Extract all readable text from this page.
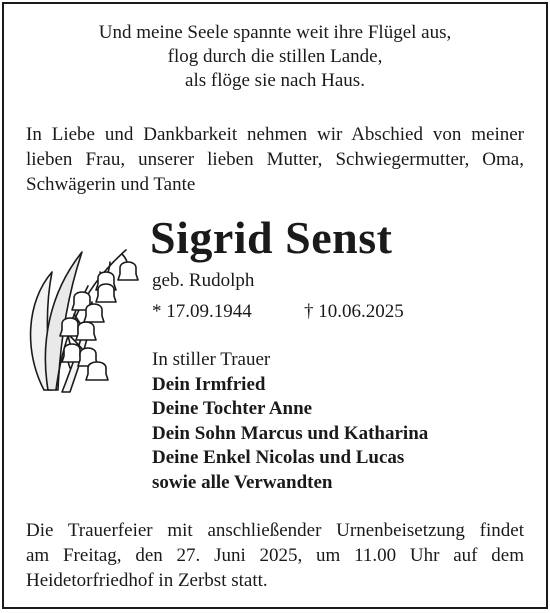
Und meine Seele spannte weit ihre Flügel aus,
flog durch die stillen Lande,
als flöge sie nach Haus.
In Liebe und Dankbarkeit nehmen wir Abschied von meiner
lieben Frau, unserer lieben Mutter, Schwiegermutter, Oma,
Schwägerin und Tante
Sigrid Senst
geb. Rudolph
* 17.09.1944	† 10.06.2025
In stiller Trauer
Dein Irmfried
Deine Tochter Anne
Dein Sohn Marcus und Katharina
Deine Enkel Nicolas und Lucas
sowie alle Verwandten
Die Trauerfeier mit anschließender Urnenbeisetzung findet
am Freitag, den 27. Juni 2025, um 11.00 Uhr auf dem
Heidetorfriedhof in Zerbst statt.
